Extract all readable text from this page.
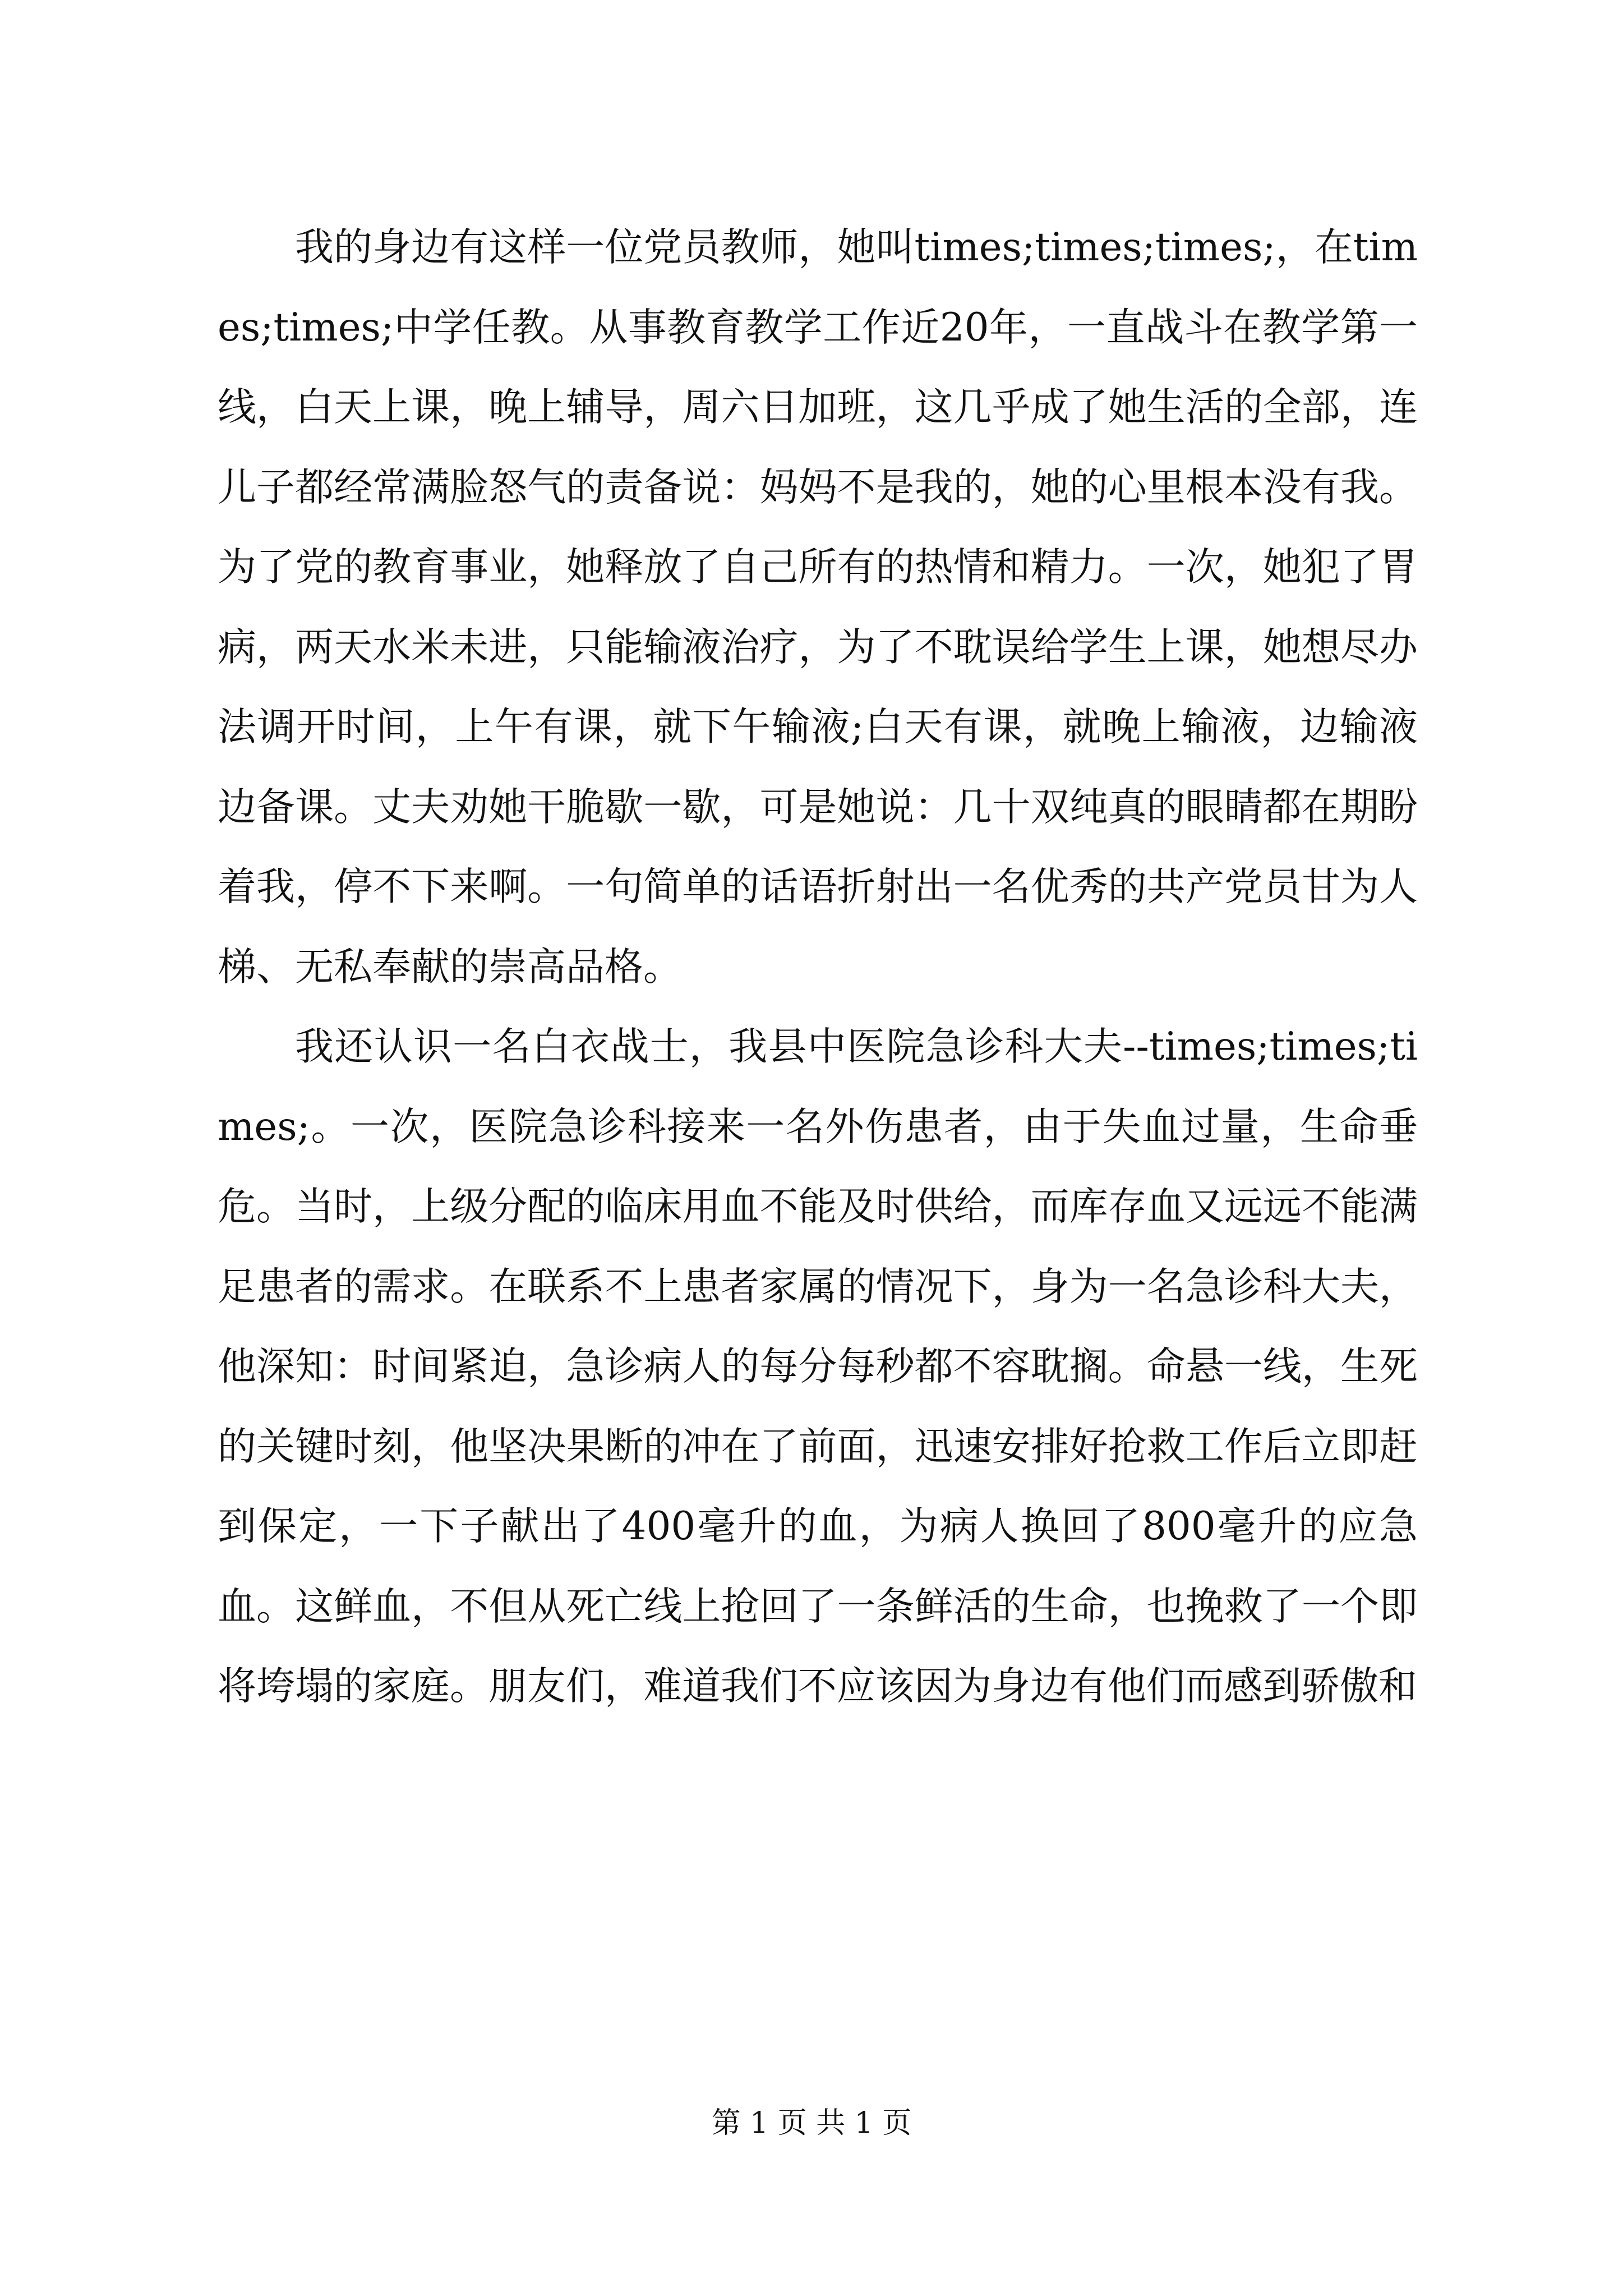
我的身边有这样一位党员教师，她叫times;times;times;，在times;times;中学任教。从事教育教学工作近20年，一直战斗在教学第一线，白天上课，晚上辅导，周六日加班，这几乎成了她生活的全部，连儿子都经常满脸怒气的责备说：妈妈不是我的，她的心里根本没有我。为了党的教育事业，她释放了自己所有的热情和精力。一次，她犯了胃病，两天水米未进，只能输液治疗，为了不耽误给学生上课，她想尽办法调开时间，上午有课，就下午输液;白天有课，就晚上输液，边输液边备课。丈夫劝她干脆歇一歇，可是她说：几十双纯真的眼睛都在期盼着我，停不下来啊。一句简单的话语折射出一名优秀的共产党员甘为人梯、无私奉献的崇高品格。

我还认识一名白衣战士，我县中医院急诊科大夫--times;times;times;。一次，医院急诊科接来一名外伤患者，由于失血过量，生命垂危。当时，上级分配的临床用血不能及时供给，而库存血又远远不能满足患者的需求。在联系不上患者家属的情况下，身为一名急诊科大夫，他深知：时间紧迫，急诊病人的每分每秒都不容耽搁。命悬一线，生死的关键时刻，他坚决果断的冲在了前面，迅速安排好抢救工作后立即赶到保定，一下子献出了400毫升的血，为病人换回了800毫升的应急血。这鲜血，不但从死亡线上抢回了一条鲜活的生命，也挽救了一个即将垮塌的家庭。朋友们，难道我们不应该因为身边有他们而感到骄傲和

第 1 页 共 1 页
